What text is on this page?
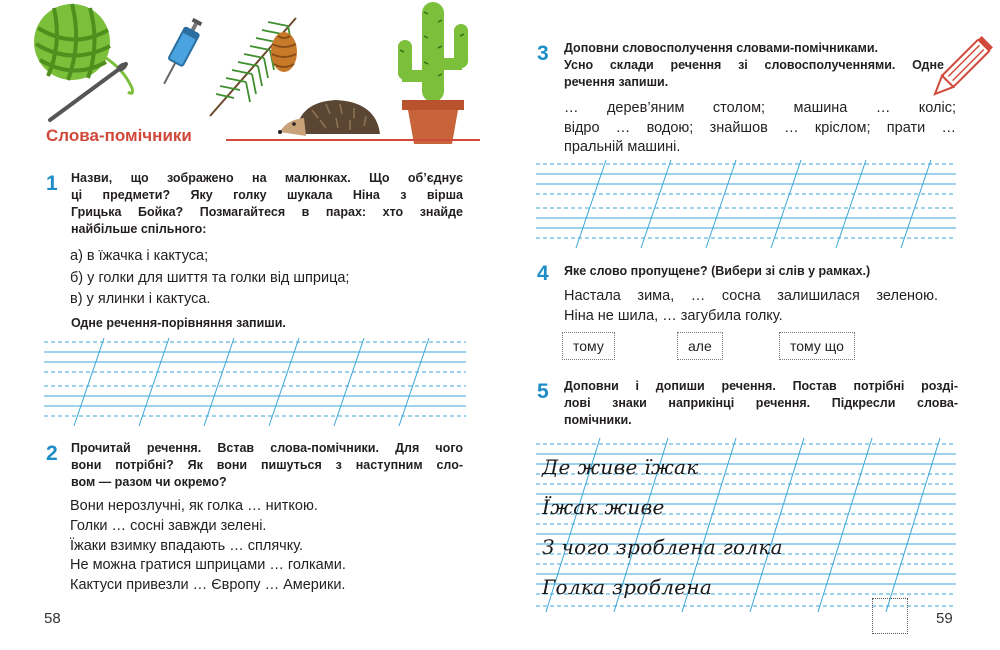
Слова-помічники
1 Назви, що зображено на малюнках. Що об’єднує
ці предмети? Яку голку шукала Ніна з вірша
Грицька Бойка? Позмагайтеся в парах: хто знайде
найбільше спільного:
а) в їжачка і кактуса;
б) у голки для шиття та голки від шприца;
в) у ялинки і кактуса.
Одне речення-порівняння запиши.
2 Прочитай речення. Встав слова-помічники. Для чого
вони потрібні? Як вони пишуться з наступним сло-
вом — разом чи окремо?
Вони нерозлучні, як голка … ниткою.
Голки … сосні завжди зелені.
Їжаки взимку впадають … сплячку.
Не можна гратися шприцами … голками.
Кактуси привезли … Європу … Америки.
58
3 Доповни словосполучення словами-помічниками.
Усно склади речення зі словосполученнями. Одне
речення запиши.
… дерев’яним столом; машина … коліс;
відро … водою; знайшов … кріслом; прати …
пральній машині.
4 Яке слово пропущене? (Вибери зі слів у рамках.)
Настала зима, … сосна залишилася зеленою.
Ніна не шила, … загубила голку.
тому	але	тому що
5 Доповни і допиши речення. Постав потрібні розді-
лові знаки наприкінці речення. Підкресли слова-
помічники.
Де живе їжак
Їжак живе
З чого зроблена голка
Голка зроблена
59
